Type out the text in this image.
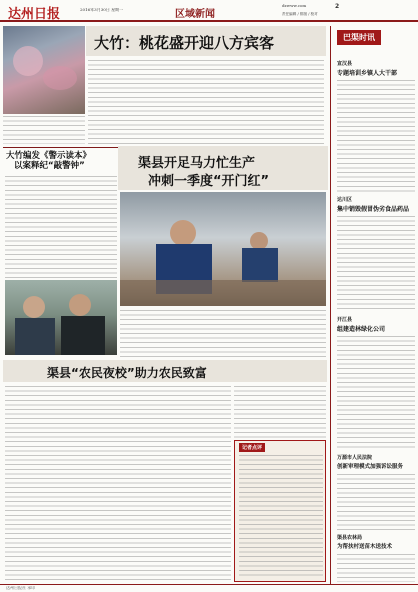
达州日报	2016年3月30日 星期一	区域新闻
dzwww.com	2
责任编辑 / 排版 / 校对
大竹：桃花盛开迎八方宾客
大竹编发《警示读本》
以案释纪“敲警钟”	渠县开足马力忙生产
冲刺一季度“开门红”
渠县“农民夜校”助力农民致富
记者点评
巴渠时讯
宣汉县
专题培训乡镇人大干部
达川区
集中销毁假冒伪劣食品药品
开江县
组建造林绿化公司
万源市人民法院
创新审理模式加强诉讼服务
渠县农林局
为帮扶村送苗木送技术
达州日报社 承印
